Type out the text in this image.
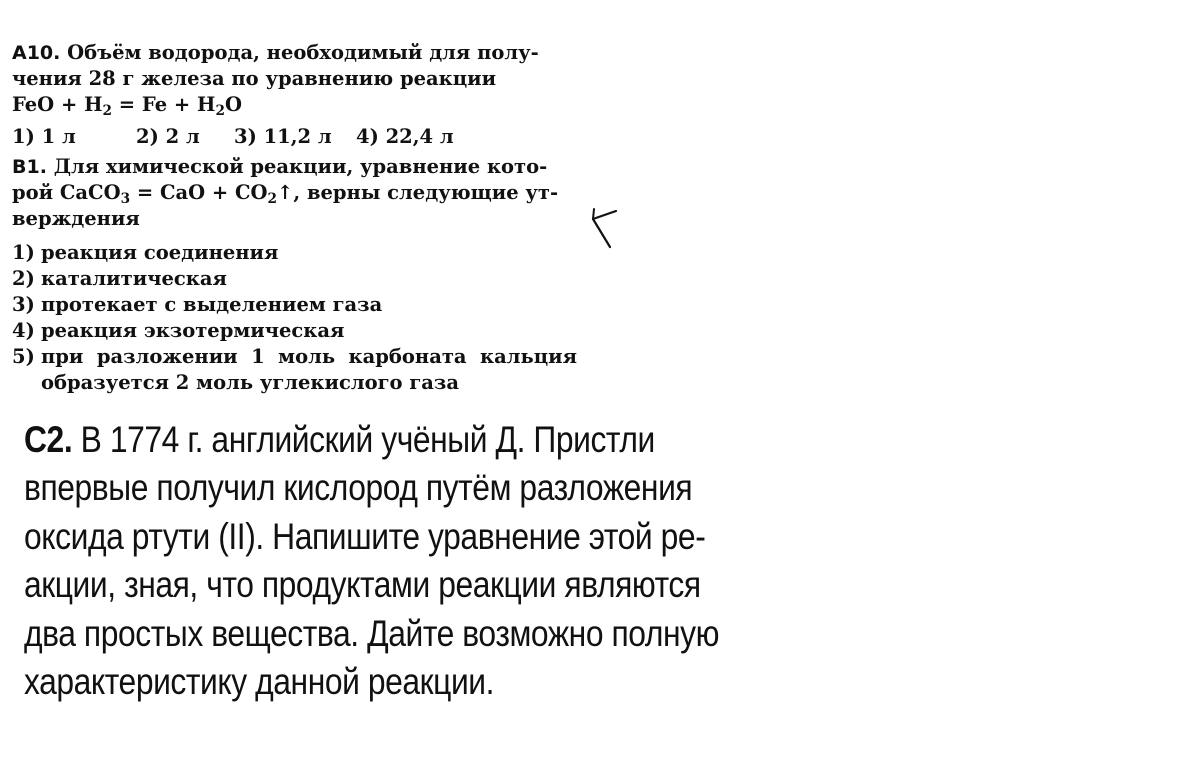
A10. Объём водорода, необходимый для полу-
чения 28 г железа по уравнению реакции
FeO + $H_2 = Fe + H_2O$
1) 1 л	2) 2 л	3) 11,2 л	4) 22,4 л
B1. Для химической реакции, уравнение кото-
рой CaCO$_3$ = CaO + $CO_2↑$, верны следующие ут-
верждения
1) реакция соединения
2) каталитическая
3) протекает с выделением газа
4) реакция экзотермическая
5) при разложении 1 моль карбоната кальция образуется 2 моль углекислого газа
С2. В 1774 г. английский учёный Д. Пристли
впервые получил кислород путём разложения
оксида ртути (II). Напишите уравнение этой ре-
акции, зная, что продуктами реакции являются
два простых вещества. Дайте возможно полную
характеристику данной реакции.
